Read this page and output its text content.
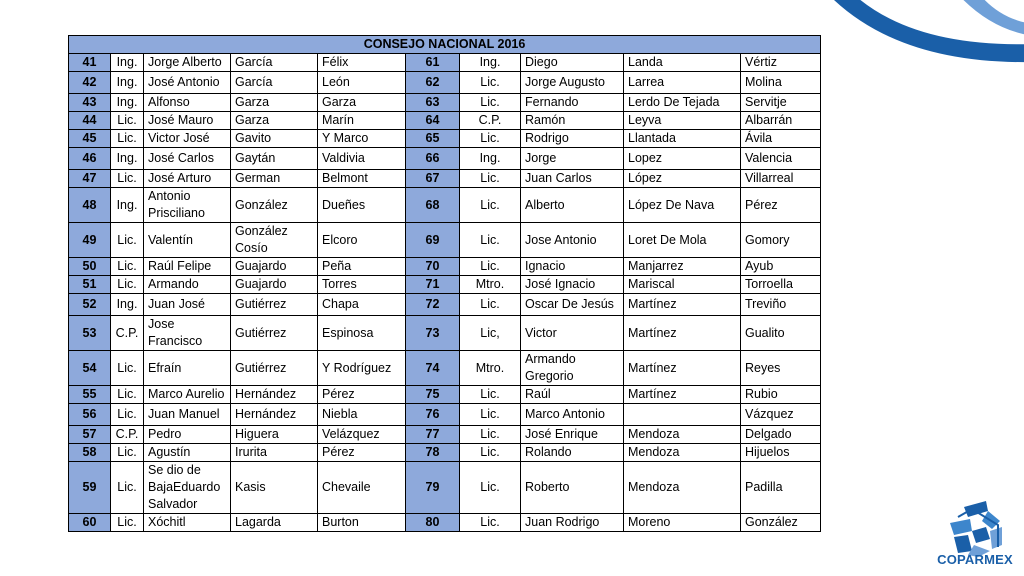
CONSEJO NACIONAL 2016									
41	Ing.	Jorge Alberto	García	Félix	61	Ing.	Diego	Landa	Vértiz
42	Ing.	José Antonio	García	León	62	Lic.	Jorge Augusto	Larrea	Molina
43	Ing.	Alfonso	Garza	Garza	63	Lic.	Fernando	Lerdo De Tejada	Servitje
44	Lic.	José Mauro	Garza	Marín	64	C.P.	Ramón	Leyva	Albarrán
45	Lic.	Victor José	Gavito	Y Marco	65	Lic.	Rodrigo	Llantada	Ávila
46	Ing.	José Carlos	Gaytán	Valdivia	66	Ing.	Jorge	Lopez	Valencia
47	Lic.	José Arturo	German	Belmont	67	Lic.	Juan Carlos	López	Villarreal
48	Ing.	Antonio Prisciliano	González	Dueñes	68	Lic.	Alberto	López De Nava	Pérez
49	Lic.	Valentín	González Cosío	Elcoro	69	Lic.	Jose Antonio	Loret De Mola	Gomory
50	Lic.	Raúl Felipe	Guajardo	Peña	70	Lic.	Ignacio	Manjarrez	Ayub
51	Lic.	Armando	Guajardo	Torres	71	Mtro.	José Ignacio	Mariscal	Torroella
52	Ing.	Juan José	Gutiérrez	Chapa	72	Lic.	Oscar De Jesús	Martínez	Treviño
53	C.P.	Jose Francisco	Gutiérrez	Espinosa	73	Lic,	Victor	Martínez	Gualito
54	Lic.	Efraín	Gutiérrez	Y Rodríguez	74	Mtro.	Armando Gregorio	Martínez	Reyes
55	Lic.	Marco Aurelio	Hernández	Pérez	75	Lic.	Raúl	Martínez	Rubio
56	Lic.	Juan Manuel	Hernández	Niebla	76	Lic.	Marco Antonio		Vázquez
57	C.P.	Pedro	Higuera	Velázquez	77	Lic.	José Enrique	Mendoza	Delgado
58	Lic.	Agustín	Irurita	Pérez	78	Lic.	Rolando	Mendoza	Hijuelos
59	Lic.	Se dio de BajaEduardo Salvador	Kasis	Chevaile	79	Lic.	Roberto	Mendoza	Padilla
60	Lic.	Xóchitl	Lagarda	Burton	80	Lic.	Juan Rodrigo	Moreno	González
COPARMEX
